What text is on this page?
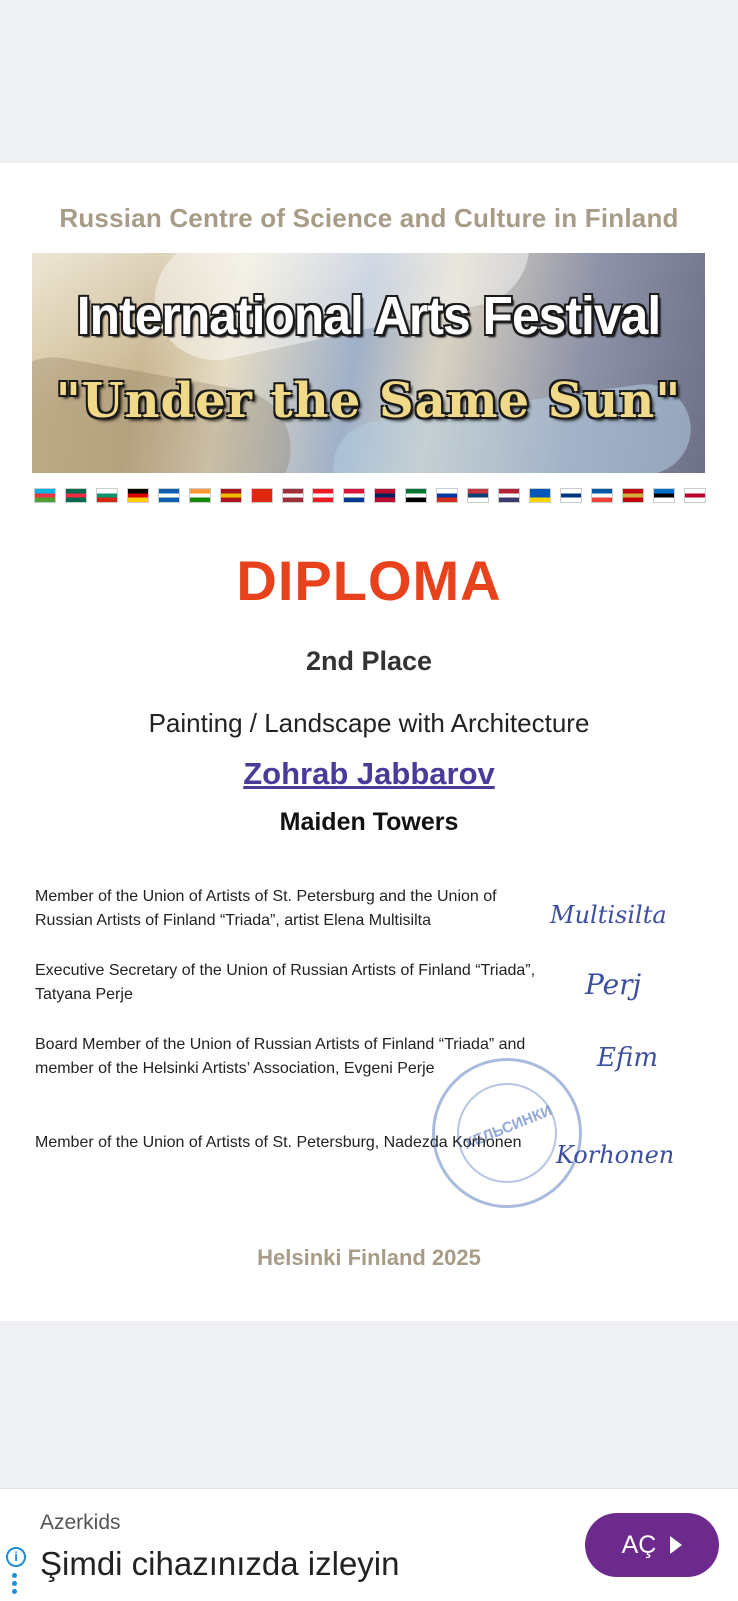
Russian Centre of Science and Culture in Finland
International Arts Festival
"Under the Same Sun"
DIPLOMA
2nd Place
Painting / Landscape with Architecture
Zohrab Jabbarov
Maiden Towers
Member of the Union of Artists of St. Petersburg and the Union of Russian Artists of Finland “Triada”, artist Elena Multisilta	Multisilta
Executive Secretary of the Union of Russian Artists of Finland “Triada”, Tatyana Perje	Perj
ХЕЛЬСИНКИ
Board Member of the Union of Russian Artists of Finland “Triada” and member of the Helsinki Artists’ Association, Evgeni Perje	Efim
Member of the Union of Artists of St. Petersburg, Nadezda Korhonen	Korhonen
Helsinki Finland 2025
i
Azerkids
Şimdi cihazınızda izleyin
AÇ
